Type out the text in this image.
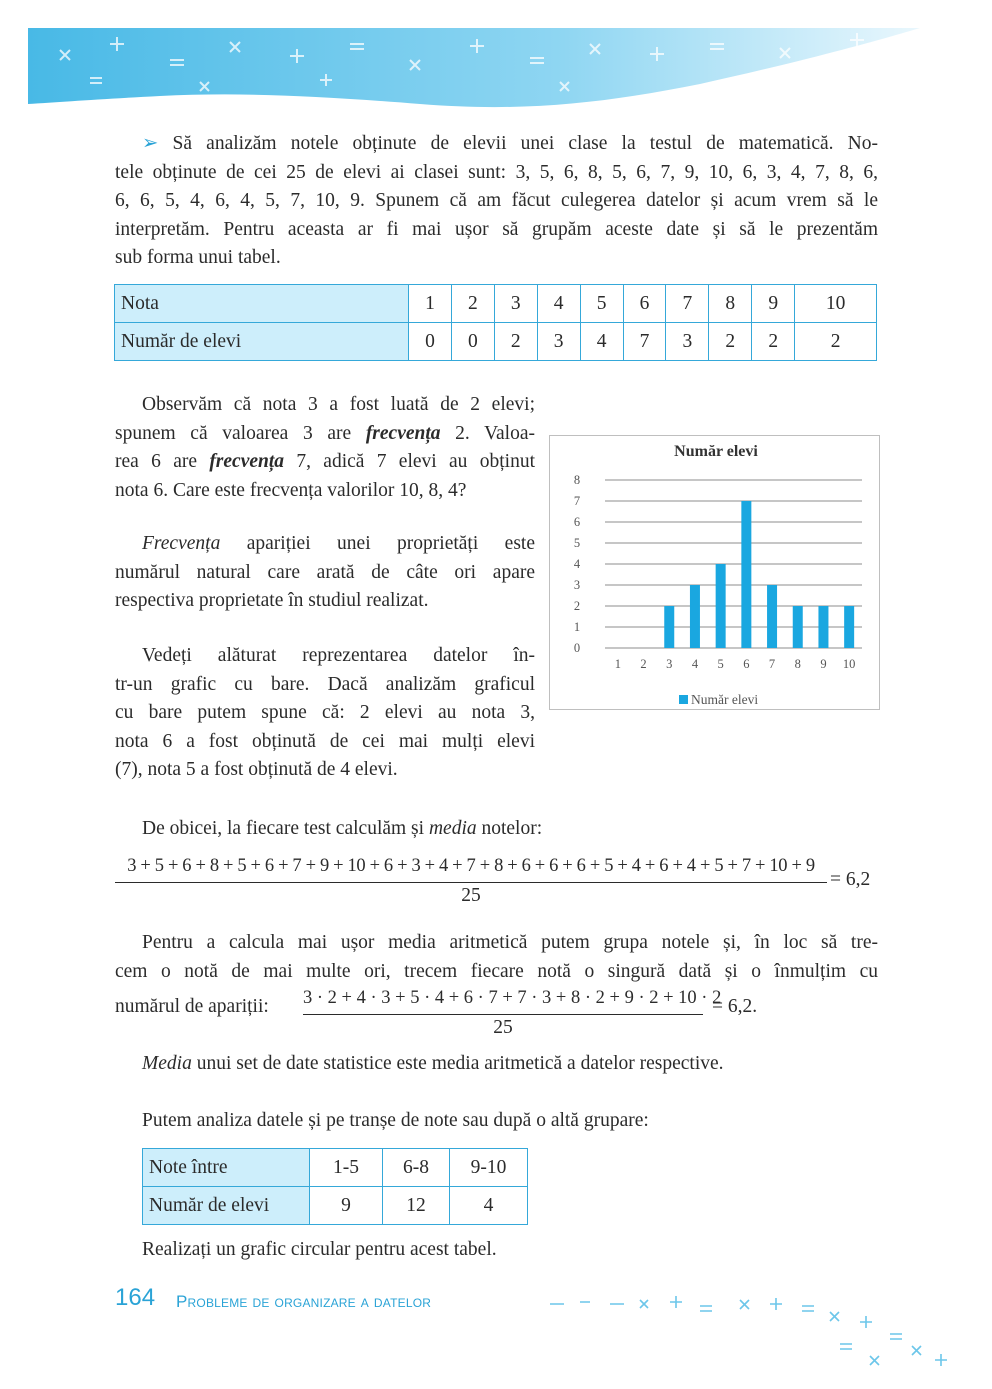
➢ Să analizăm notele obținute de elevii unei clase la testul de matematică. No-

tele obținute de cei 25 de elevi ai clasei sunt: 3, 5, 6, 8, 5, 6, 7, 9, 10, 6, 3, 4, 7, 8, 6,

6, 6, 5, 4, 6, 4, 5, 7, 10, 9. Spunem că am făcut culegerea datelor și acum vrem să le

interpretăm. Pentru aceasta ar fi mai ușor să grupăm aceste date și să le prezentăm

sub forma unui tabel.

Nota	1	2	3	4	5	6	7	8	9	10
Număr de elevi	0	0	2	3	4	7	3	2	2	2

Observăm că nota 3 a fost luată de 2 elevi;

spunem că valoarea 3 are frecvența 2. Valoa-

rea 6 are frecvența 7, adică 7 elevi au obținut

nota 6. Care este frecvența valorilor 10, 8, 4?

Frecvența apariției unei proprietăți este

numărul natural care arată de câte ori apare

respectiva proprietate în studiul realizat.

Vedeți alăturat reprezentarea datelor în-

tr-un grafic cu bare. Dacă analizăm graficul

cu bare putem spune că: 2 elevi au nota 3,

nota 6 a fost obținută de cei mai mulți elevi

(7), nota 5 a fost obținută de 4 elevi.

Număr elevi
0
1
2
3
4
5
6
7
8
1 2 3 4 5 6 7 8 9 10
Număr elevi

De obicei, la fiecare test calculăm și media notelor:

3 + 5 + 6 + 8 + 5 + 6 + 7 + 9 + 10 + 6 + 3 + 4 + 7 + 8 + 6 + 6 + 6 + 5 + 4 + 6 + 4 + 5 + 7 + 10 + 9
25
= 6,2

Pentru a calcula mai ușor media aritmetică putem grupa notele și, în loc să tre-

cem o notă de mai multe ori, trecem fiecare notă o singură dată și o înmulțim cu

numărul de apariții: 3 · 2 + 4 · 3 + 5 · 4 + 6 · 7 + 7 · 3 + 8 · 2 + 9 · 2 + 10 · 2
25
= 6,2.

Media unui set de date statistice este media aritmetică a datelor respective.

Putem analiza datele și pe tranșe de note sau după o altă grupare:

Note între	1-5	6-8	9-10
Număr de elevi	9	12	4

Realizați un grafic circular pentru acest tabel.

164 Probleme de organizare a datelor
